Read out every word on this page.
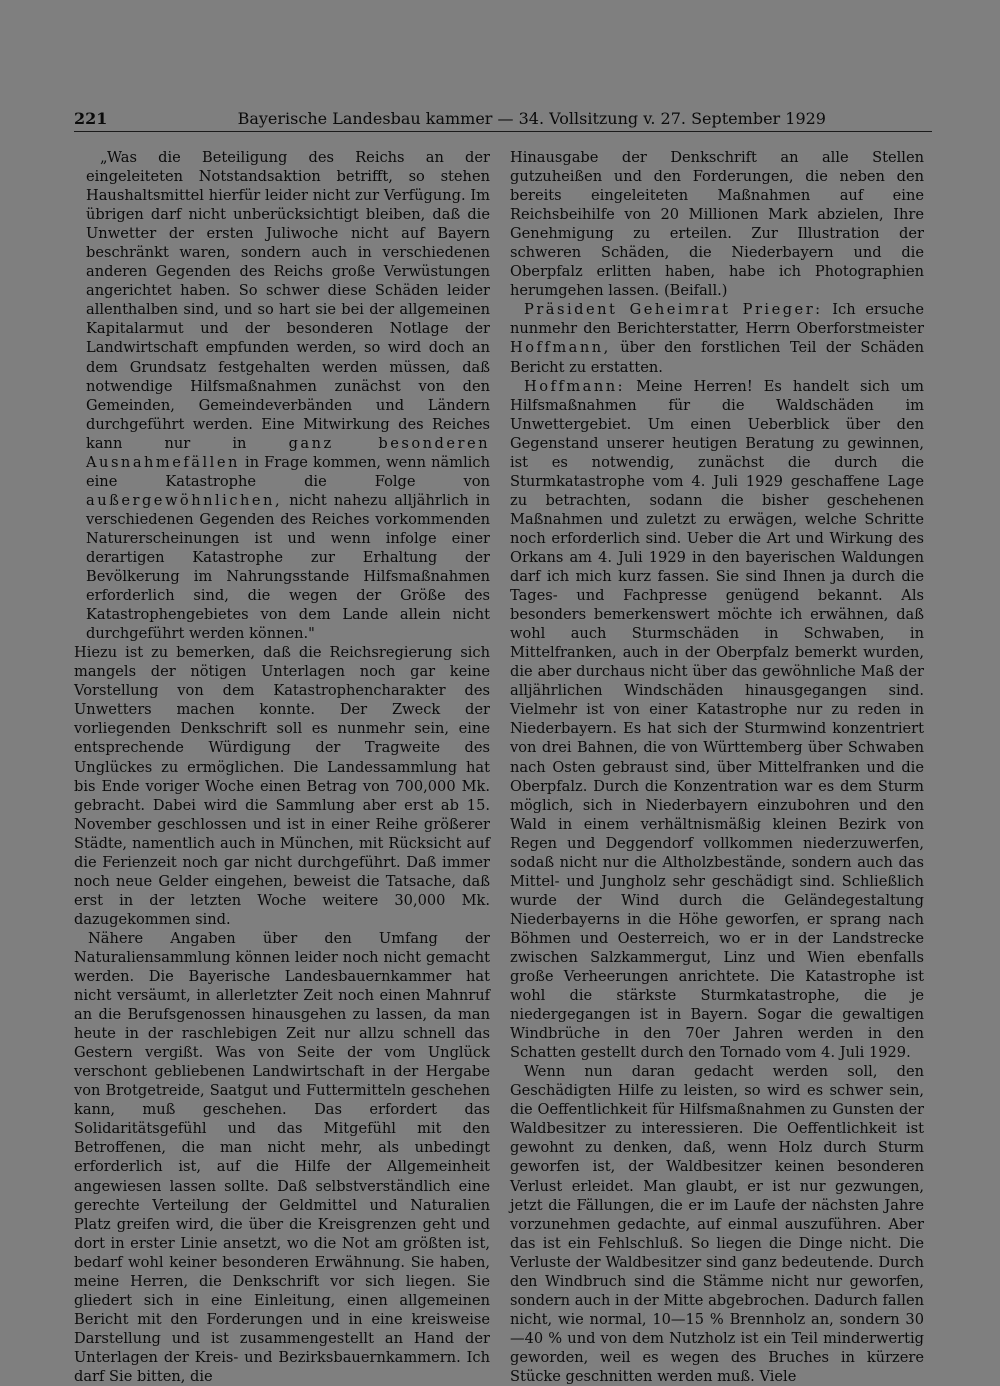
221	Bayerische Landesbau kammer — 34. Vollsitzung v. 27. September 1929

„Was die Beteiligung des Reichs an der eingeleiteten Notstandsaktion betrifft, so stehen Haushaltsmittel hierfür leider nicht zur Verfügung. Im übrigen darf nicht unberücksichtigt bleiben, daß die Unwetter der ersten Juliwoche nicht auf Bayern beschränkt waren, sondern auch in verschiedenen anderen Gegenden des Reichs große Verwüstungen angerichtet haben. So schwer diese Schäden leider allenthalben sind, und so hart sie bei der allgemeinen Kapitalarmut und der besonderen Notlage der Landwirtschaft empfunden werden, so wird doch an dem Grundsatz festgehalten werden müssen, daß notwendige Hilfsmaßnahmen zunächst von den Gemeinden, Gemeindeverbänden und Ländern durchgeführt werden. Eine Mitwirkung des Reiches kann nur in	ganz besonderen Ausnahmefällen in Frage kommen, wenn nämlich eine Katastrophe die Folge von außergewöhnlichen, nicht nahezu alljährlich in verschiedenen Gegenden des Reiches vorkommenden Naturerscheinungen ist und wenn infolge einer derartigen Katastrophe zur Erhaltung der Bevölkerung im Nahrungsstande Hilfsmaßnahmen erforderlich sind, die wegen der Größe des Katastrophengebietes von dem Lande allein nicht durchgeführt werden können."

Hiezu ist zu bemerken, daß die Reichsregierung sich mangels der nötigen Unterlagen noch gar keine Vorstellung von dem Katastrophencharakter des Unwetters machen konnte. Der Zweck der vorliegenden Denkschrift soll es nunmehr sein, eine entsprechende Würdigung der Tragweite des Unglückes zu ermöglichen. Die Landessammlung hat bis Ende voriger Woche einen Betrag von 700,000 Mk. gebracht. Dabei wird die Sammlung aber erst ab 15. November geschlossen und ist in einer Reihe größerer Städte, namentlich auch in München, mit Rücksicht auf die Ferienzeit noch gar nicht durchgeführt. Daß immer noch neue Gelder eingehen, beweist die Tatsache, daß erst in der letzten Woche weitere 30,000 Mk. dazugekommen sind.

Nähere Angaben über den Umfang der Naturaliensammlung können leider noch nicht gemacht werden. Die Bayerische Landesbauernkammer hat nicht versäumt, in allerletzter Zeit noch einen Mahnruf an die Berufsgenossen hinausgehen zu lassen, da man heute in der raschlebigen Zeit nur allzu schnell das Gestern vergißt. Was von Seite der vom Unglück verschont gebliebenen Landwirtschaft in der Hergabe von Brotgetreide, Saatgut und Futtermitteln geschehen kann, muß geschehen. Das erfordert das Solidaritätsgefühl und das Mitgefühl mit den Betroffenen, die man nicht mehr, als unbedingt erforderlich ist, auf die Hilfe der Allgemeinheit angewiesen lassen sollte. Daß selbstverständlich eine gerechte Verteilung der Geldmittel und Naturalien Platz greifen wird, die über die Kreisgrenzen geht und dort in erster Linie ansetzt, wo die Not am größten ist, bedarf wohl keiner besonderen Erwähnung. Sie haben, meine Herren, die Denkschrift vor sich liegen. Sie gliedert sich in eine Einleitung, einen allgemeinen Bericht mit den Forderungen und in eine kreisweise Darstellung und ist zusammengestellt an Hand der Unterlagen der Kreis- und Bezirksbauernkammern. Ich darf Sie bitten, die

Hinausgabe der Denkschrift an alle Stellen gutzuheißen und den Forderungen, die neben den bereits eingeleiteten Maßnahmen auf eine Reichsbeihilfe von 20 Millionen Mark abzielen, Ihre Genehmigung zu erteilen. Zur Illustration der schweren Schäden, die Niederbayern und die Oberpfalz erlitten haben, habe ich Photographien herumgehen lassen. (Beifall.)

Präsident Geheimrat Prieger: Ich ersuche nunmehr den Berichterstatter, Herrn Oberforstmeister Hoffmann, über den forstlichen Teil der Schäden Bericht zu erstatten.

Hoffmann: Meine Herren! Es handelt sich um Hilfsmaßnahmen für die Waldschäden im Unwettergebiet. Um einen Ueberblick über den Gegenstand unserer heutigen Beratung zu gewinnen, ist es notwendig, zunächst die durch die Sturmkatastrophe vom 4. Juli 1929 geschaffene Lage zu betrachten, sodann die bisher geschehenen Maßnahmen und zuletzt zu erwägen, welche Schritte noch erforderlich sind. Ueber die Art und Wirkung des Orkans am 4. Juli 1929 in den bayerischen Waldungen darf ich mich kurz fassen. Sie sind Ihnen ja durch die Tages- und Fachpresse genügend bekannt. Als besonders bemerkenswert möchte ich erwähnen, daß wohl auch Sturmschäden in Schwaben, in Mittelfranken, auch in der Oberpfalz bemerkt wurden, die aber durchaus nicht über das gewöhnliche Maß der alljährlichen Windschäden hinausgegangen sind. Vielmehr ist von einer Katastrophe nur zu reden in Niederbayern. Es hat sich der Sturmwind konzentriert von drei Bahnen, die von Württemberg über Schwaben nach Osten gebraust sind, über Mittelfranken und die Oberpfalz. Durch die Konzentration war es dem Sturm möglich, sich in Niederbayern einzubohren und den Wald in einem verhältnismäßig kleinen Bezirk von Regen und Deggendorf vollkommen niederzuwerfen, sodaß nicht nur die Altholzbestände, sondern auch das Mittel- und Jungholz sehr geschädigt sind. Schließlich wurde der Wind durch die Geländegestaltung Niederbayerns in die Höhe geworfen, er sprang nach Böhmen und Oesterreich, wo er in der Landstrecke zwischen Salzkammergut, Linz und Wien ebenfalls große Verheerungen anrichtete. Die Katastrophe ist wohl die stärkste Sturmkatastrophe, die je niedergegangen ist in Bayern. Sogar die gewaltigen Windbrüche in den 70er Jahren werden in den Schatten gestellt durch den Tornado vom 4. Juli 1929.

Wenn nun daran gedacht werden soll, den Geschädigten Hilfe zu leisten, so wird es schwer sein, die Oeffentlichkeit für Hilfsmaßnahmen zu Gunsten der Waldbesitzer zu interessieren. Die Oeffentlichkeit ist gewohnt zu denken, daß, wenn Holz durch Sturm geworfen ist, der Waldbesitzer keinen besonderen Verlust erleidet. Man glaubt, er ist nur gezwungen, jetzt die Fällungen, die er im Laufe der nächsten Jahre vorzunehmen gedachte, auf einmal auszuführen. Aber das ist ein Fehlschluß. So liegen die Dinge nicht. Die Verluste der Waldbesitzer sind ganz bedeutende. Durch den Windbruch sind die Stämme nicht nur geworfen, sondern auch in der Mitte abgebrochen. Dadurch fallen nicht, wie normal, 10—15 % Brennholz an, sondern 30—40 % und von dem Nutzholz ist ein Teil minderwertig geworden, weil es wegen des Bruches in kürzere Stücke geschnitten werden muß. Viele
